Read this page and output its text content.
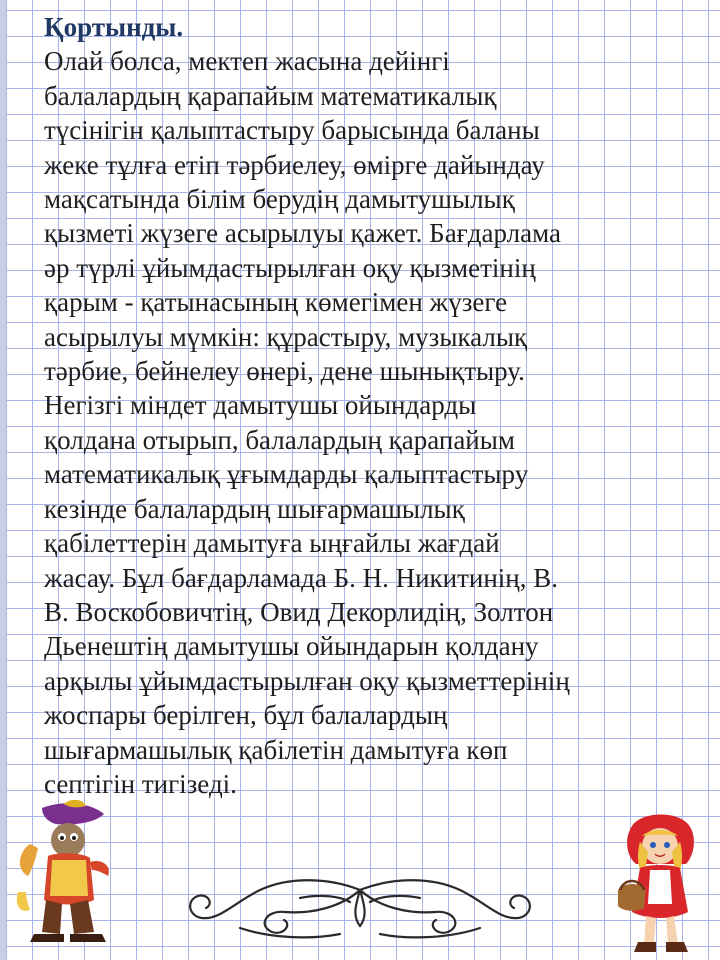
Қортынды.
Олай болса, мектеп жасына дейінгі
балалардың қарапайым математикалық
түсінігін қалыптастыру барысында баланы
жеке тұлға етіп тәрбиелеу, өмірге дайындау
мақсатында білім берудің дамытушылық
қызметі жүзеге асырылуы қажет. Бағдарлама
әр түрлі ұйымдастырылған оқу қызметінің
қарым - қатынасының көмегімен жүзеге
асырылуы мүмкін: құрастыру, музыкалық
тәрбие, бейнелеу өнері, дене шынықтыру.
Негізгі міндет дамытушы ойындарды
қолдана отырып, балалардың қарапайым
математикалық ұғымдарды қалыптастыру
кезінде балалардың шығармашылық
қабілеттерін дамытуға ыңғайлы жағдай
жасау. Бұл бағдарламада Б. Н. Никитинің, В.
В. Воскобовичтің, Овид Декорлидің, Золтон
Дьенештің дамытушы ойындарын қолдану
арқылы ұйымдастырылған оқу қызметтерінің
жоспары берілген, бұл балалардың
шығармашылық қабілетін дамытуға көп
септігін тигізеді.
